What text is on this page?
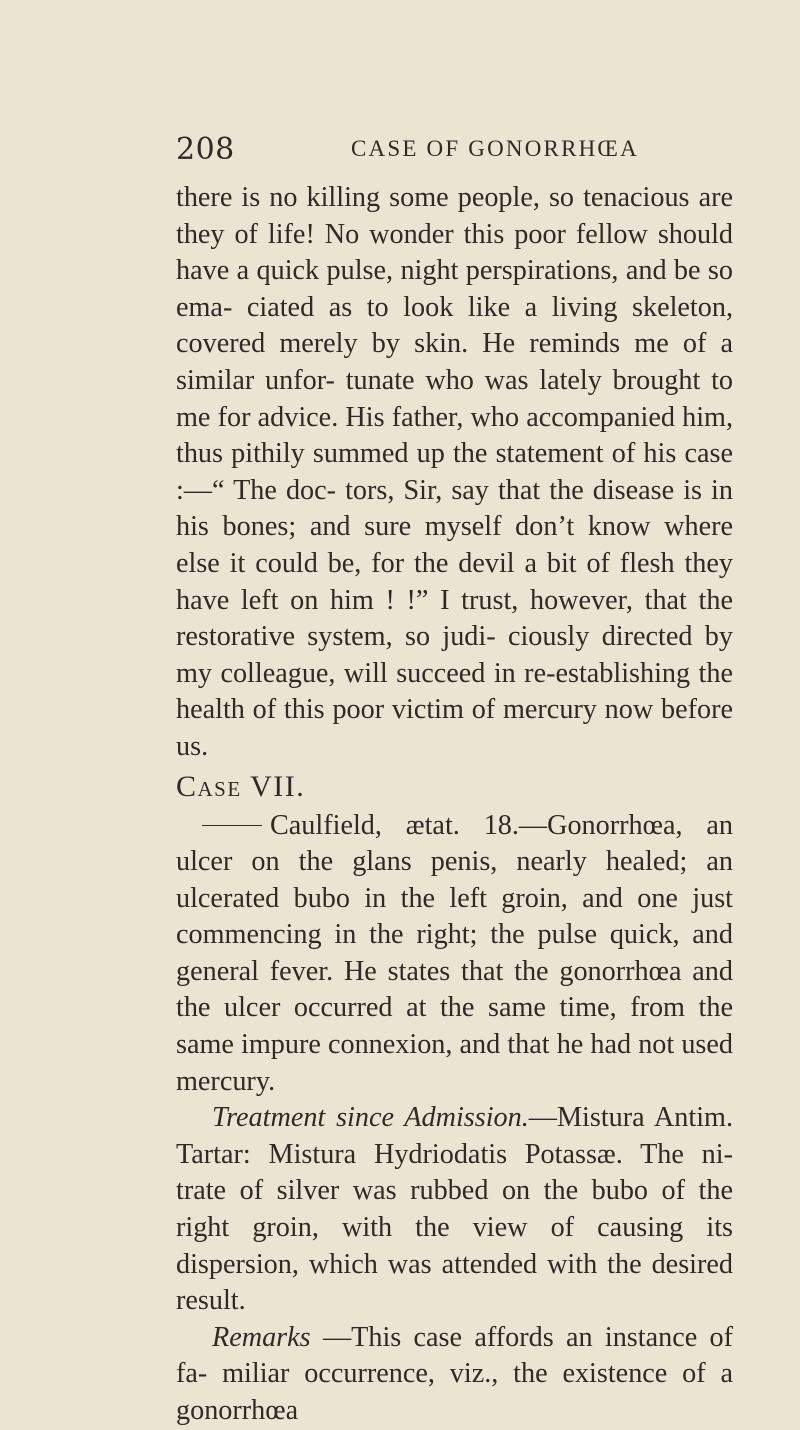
208	CASE OF GONORRHŒA

there is no killing some people, so tenacious are they of life! No wonder this poor fellow should have a quick pulse, night perspirations, and be so ema- ciated as to look like a living skeleton, covered merely by skin. He reminds me of a similar unfor- tunate who was lately brought to me for advice. His father, who accompanied him, thus pithily summed up the statement of his case :—“ The doc- tors, Sir, say that the disease is in his bones; and sure myself don’t know where else it could be, for the devil a bit of flesh they have left on him ! !” I trust, however, that the restorative system, so judi- ciously directed by my colleague, will succeed in re-establishing the health of this poor victim of mercury now before us.

Case VII.

Caulfield, ætat. 18.—Gonorrhœa, an ulcer on the glans penis, nearly healed; an ulcerated bubo in the left groin, and one just commencing in the right; the pulse quick, and general fever. He states that the gonorrhœa and the ulcer occurred at the same time, from the same impure connexion, and that he had not used mercury.

Treatment since Admission.—Mistura Antim. Tartar: Mistura Hydriodatis Potassæ. The ni- trate of silver was rubbed on the bubo of the right groin, with the view of causing its dispersion, which was attended with the desired result.

Remarks —This case affords an instance of fa- miliar occurrence, viz., the existence of a gonorrhœa
